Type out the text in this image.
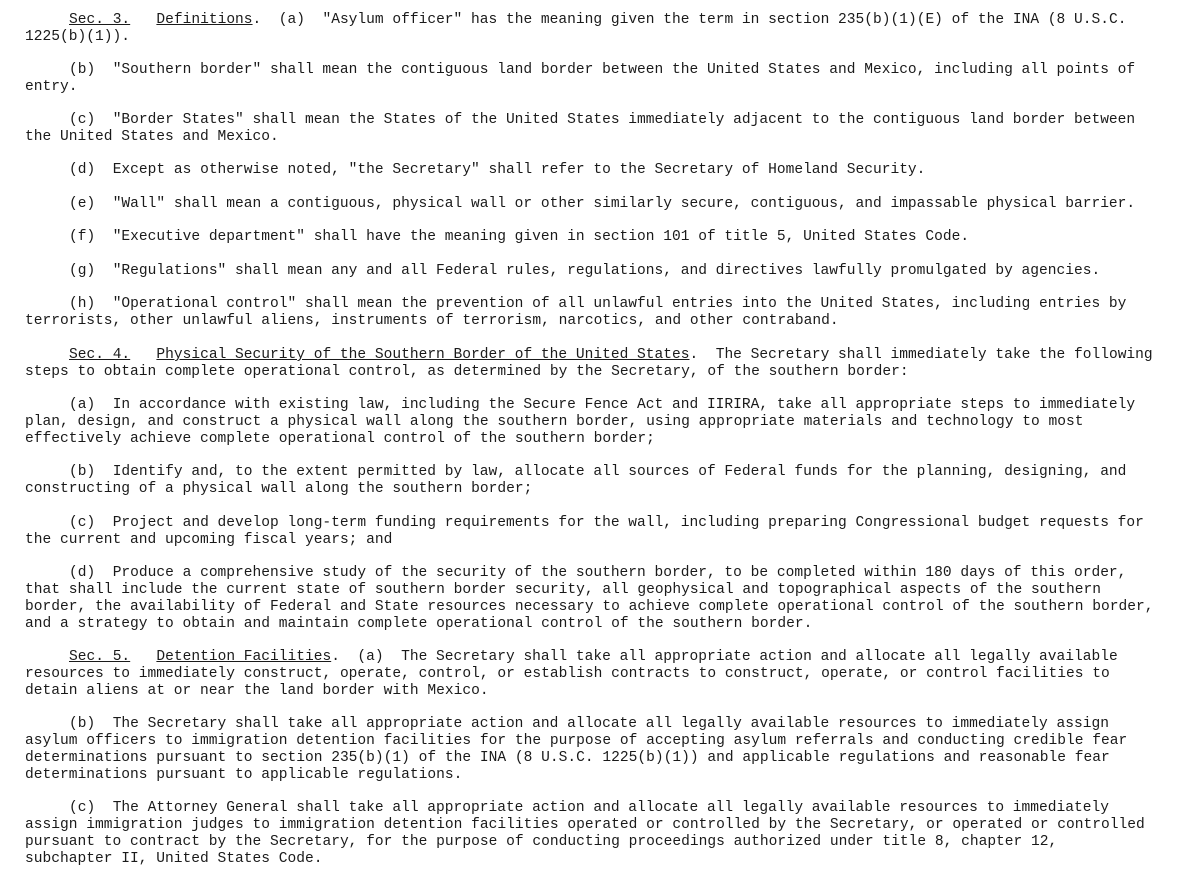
Sec. 3. Definitions.  (a)  "Asylum officer" has the meaning given the term in section 235(b)(1)(E) of the INA (8 U.S.C.
1225(b)(1)).
(b)  "Southern border" shall mean the contiguous land border between the United States and Mexico, including all points of
entry.
(c)  "Border States" shall mean the States of the United States immediately adjacent to the contiguous land border between
the United States and Mexico.
(d)  Except as otherwise noted, "the Secretary" shall refer to the Secretary of Homeland Security.
(e)  "Wall" shall mean a contiguous, physical wall or other similarly secure, contiguous, and impassable physical barrier.
(f)  "Executive department" shall have the meaning given in section 101 of title 5, United States Code.
(g)  "Regulations" shall mean any and all Federal rules, regulations, and directives lawfully promulgated by agencies.
(h)  "Operational control" shall mean the prevention of all unlawful entries into the United States, including entries by
terrorists, other unlawful aliens, instruments of terrorism, narcotics, and other contraband.
Sec. 4. Physical Security of the Southern Border of the United States.  The Secretary shall immediately take the following
steps to obtain complete operational control, as determined by the Secretary, of the southern border:
(a)  In accordance with existing law, including the Secure Fence Act and IIRIRA, take all appropriate steps to immediately
plan, design, and construct a physical wall along the southern border, using appropriate materials and technology to most
effectively achieve complete operational control of the southern border;
(b)  Identify and, to the extent permitted by law, allocate all sources of Federal funds for the planning, designing, and
constructing of a physical wall along the southern border;
(c)  Project and develop long-term funding requirements for the wall, including preparing Congressional budget requests for
the current and upcoming fiscal years; and
(d)  Produce a comprehensive study of the security of the southern border, to be completed within 180 days of this order,
that shall include the current state of southern border security, all geophysical and topographical aspects of the southern
border, the availability of Federal and State resources necessary to achieve complete operational control of the southern border,
and a strategy to obtain and maintain complete operational control of the southern border.
Sec. 5. Detention Facilities.  (a)  The Secretary shall take all appropriate action and allocate all legally available
resources to immediately construct, operate, control, or establish contracts to construct, operate, or control facilities to
detain aliens at or near the land border with Mexico.
(b)  The Secretary shall take all appropriate action and allocate all legally available resources to immediately assign
asylum officers to immigration detention facilities for the purpose of accepting asylum referrals and conducting credible fear
determinations pursuant to section 235(b)(1) of the INA (8 U.S.C. 1225(b)(1)) and applicable regulations and reasonable fear
determinations pursuant to applicable regulations.
(c)  The Attorney General shall take all appropriate action and allocate all legally available resources to immediately
assign immigration judges to immigration detention facilities operated or controlled by the Secretary, or operated or controlled
pursuant to contract by the Secretary, for the purpose of conducting proceedings authorized under title 8, chapter 12,
subchapter II, United States Code.
